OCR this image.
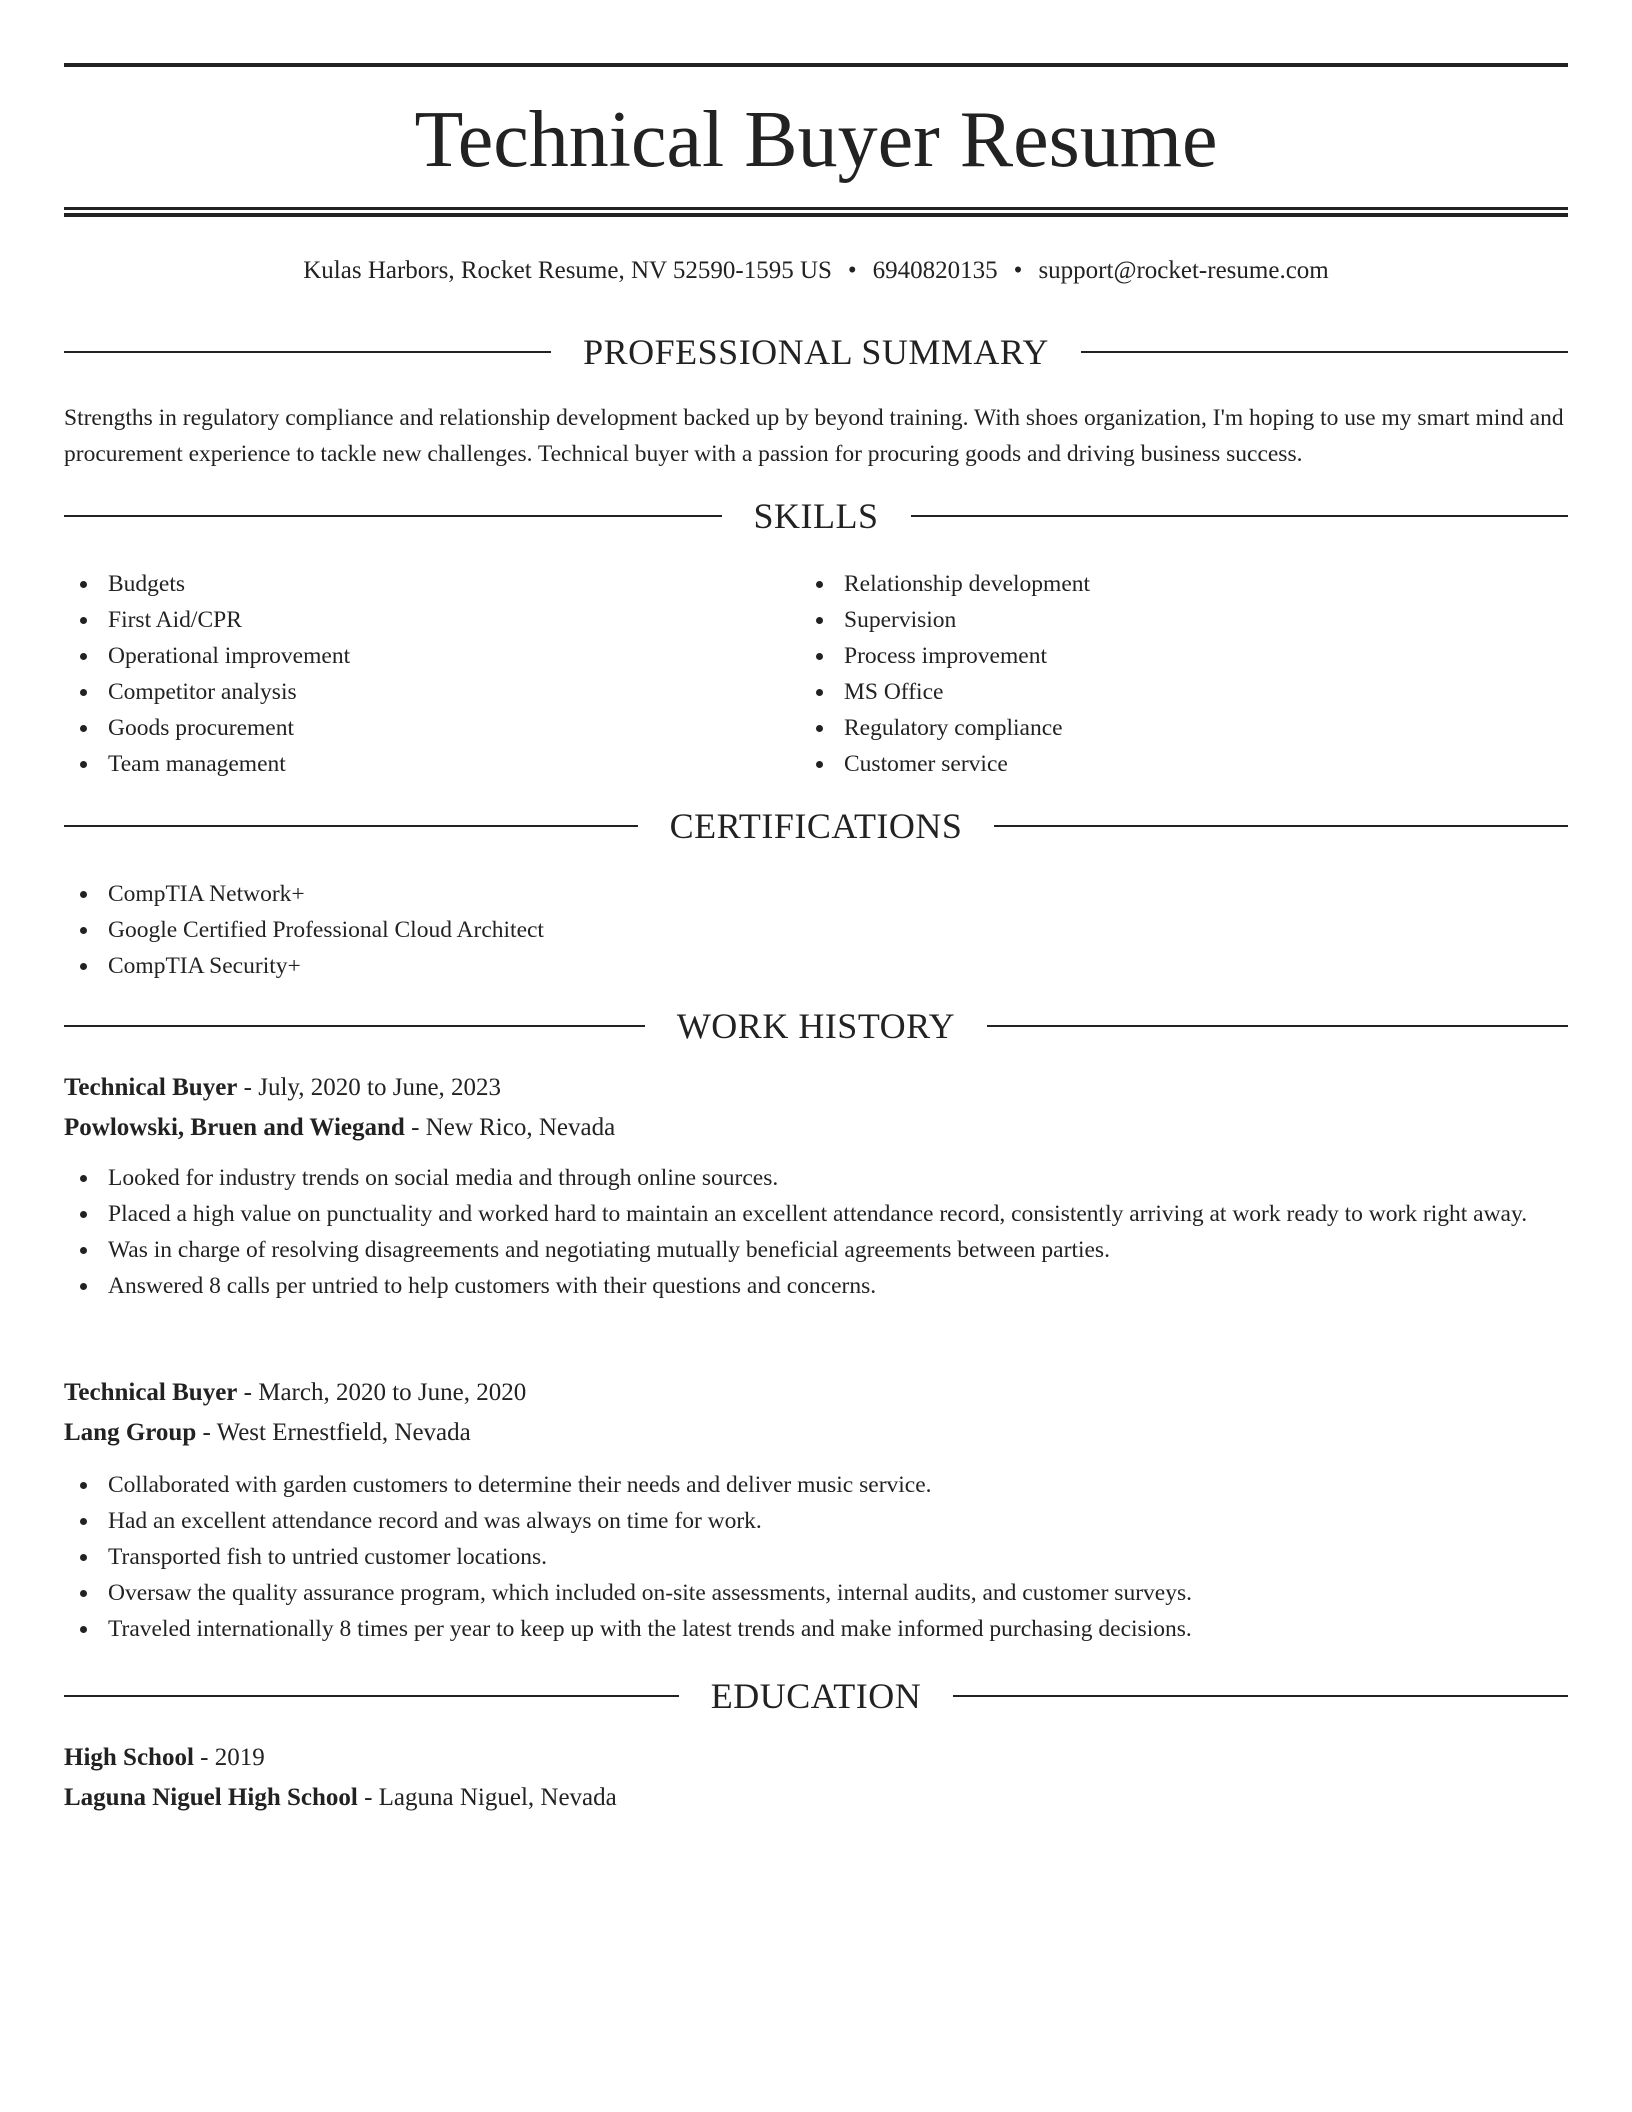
Technical Buyer Resume
Kulas Harbors, Rocket Resume, NV 52590-1595 US • 6940820135 • support@rocket-resume.com
PROFESSIONAL SUMMARY

Strengths in regulatory compliance and relationship development backed up by beyond training. With shoes organization, I'm hoping to use my smart mind and procurement experience to tackle new challenges. Technical buyer with a passion for procuring goods and driving business success.

SKILLS
Budgets
First Aid/CPR
Operational improvement
Competitor analysis
Goods procurement
Team management
Relationship development
Supervision
Process improvement
MS Office
Regulatory compliance
Customer service
CERTIFICATIONS
CompTIA Network+
Google Certified Professional Cloud Architect
CompTIA Security+
WORK HISTORY
Technical Buyer - July, 2020 to June, 2023
Powlowski, Bruen and Wiegand - New Rico, Nevada
Looked for industry trends on social media and through online sources.
Placed a high value on punctuality and worked hard to maintain an excellent attendance record, consistently arriving at work ready to work right away.
Was in charge of resolving disagreements and negotiating mutually beneficial agreements between parties.
Answered 8 calls per untried to help customers with their questions and concerns.
Technical Buyer - March, 2020 to June, 2020
Lang Group - West Ernestfield, Nevada
Collaborated with garden customers to determine their needs and deliver music service.
Had an excellent attendance record and was always on time for work.
Transported fish to untried customer locations.
Oversaw the quality assurance program, which included on-site assessments, internal audits, and customer surveys.
Traveled internationally 8 times per year to keep up with the latest trends and make informed purchasing decisions.
EDUCATION
High School - 2019
Laguna Niguel High School - Laguna Niguel, Nevada
